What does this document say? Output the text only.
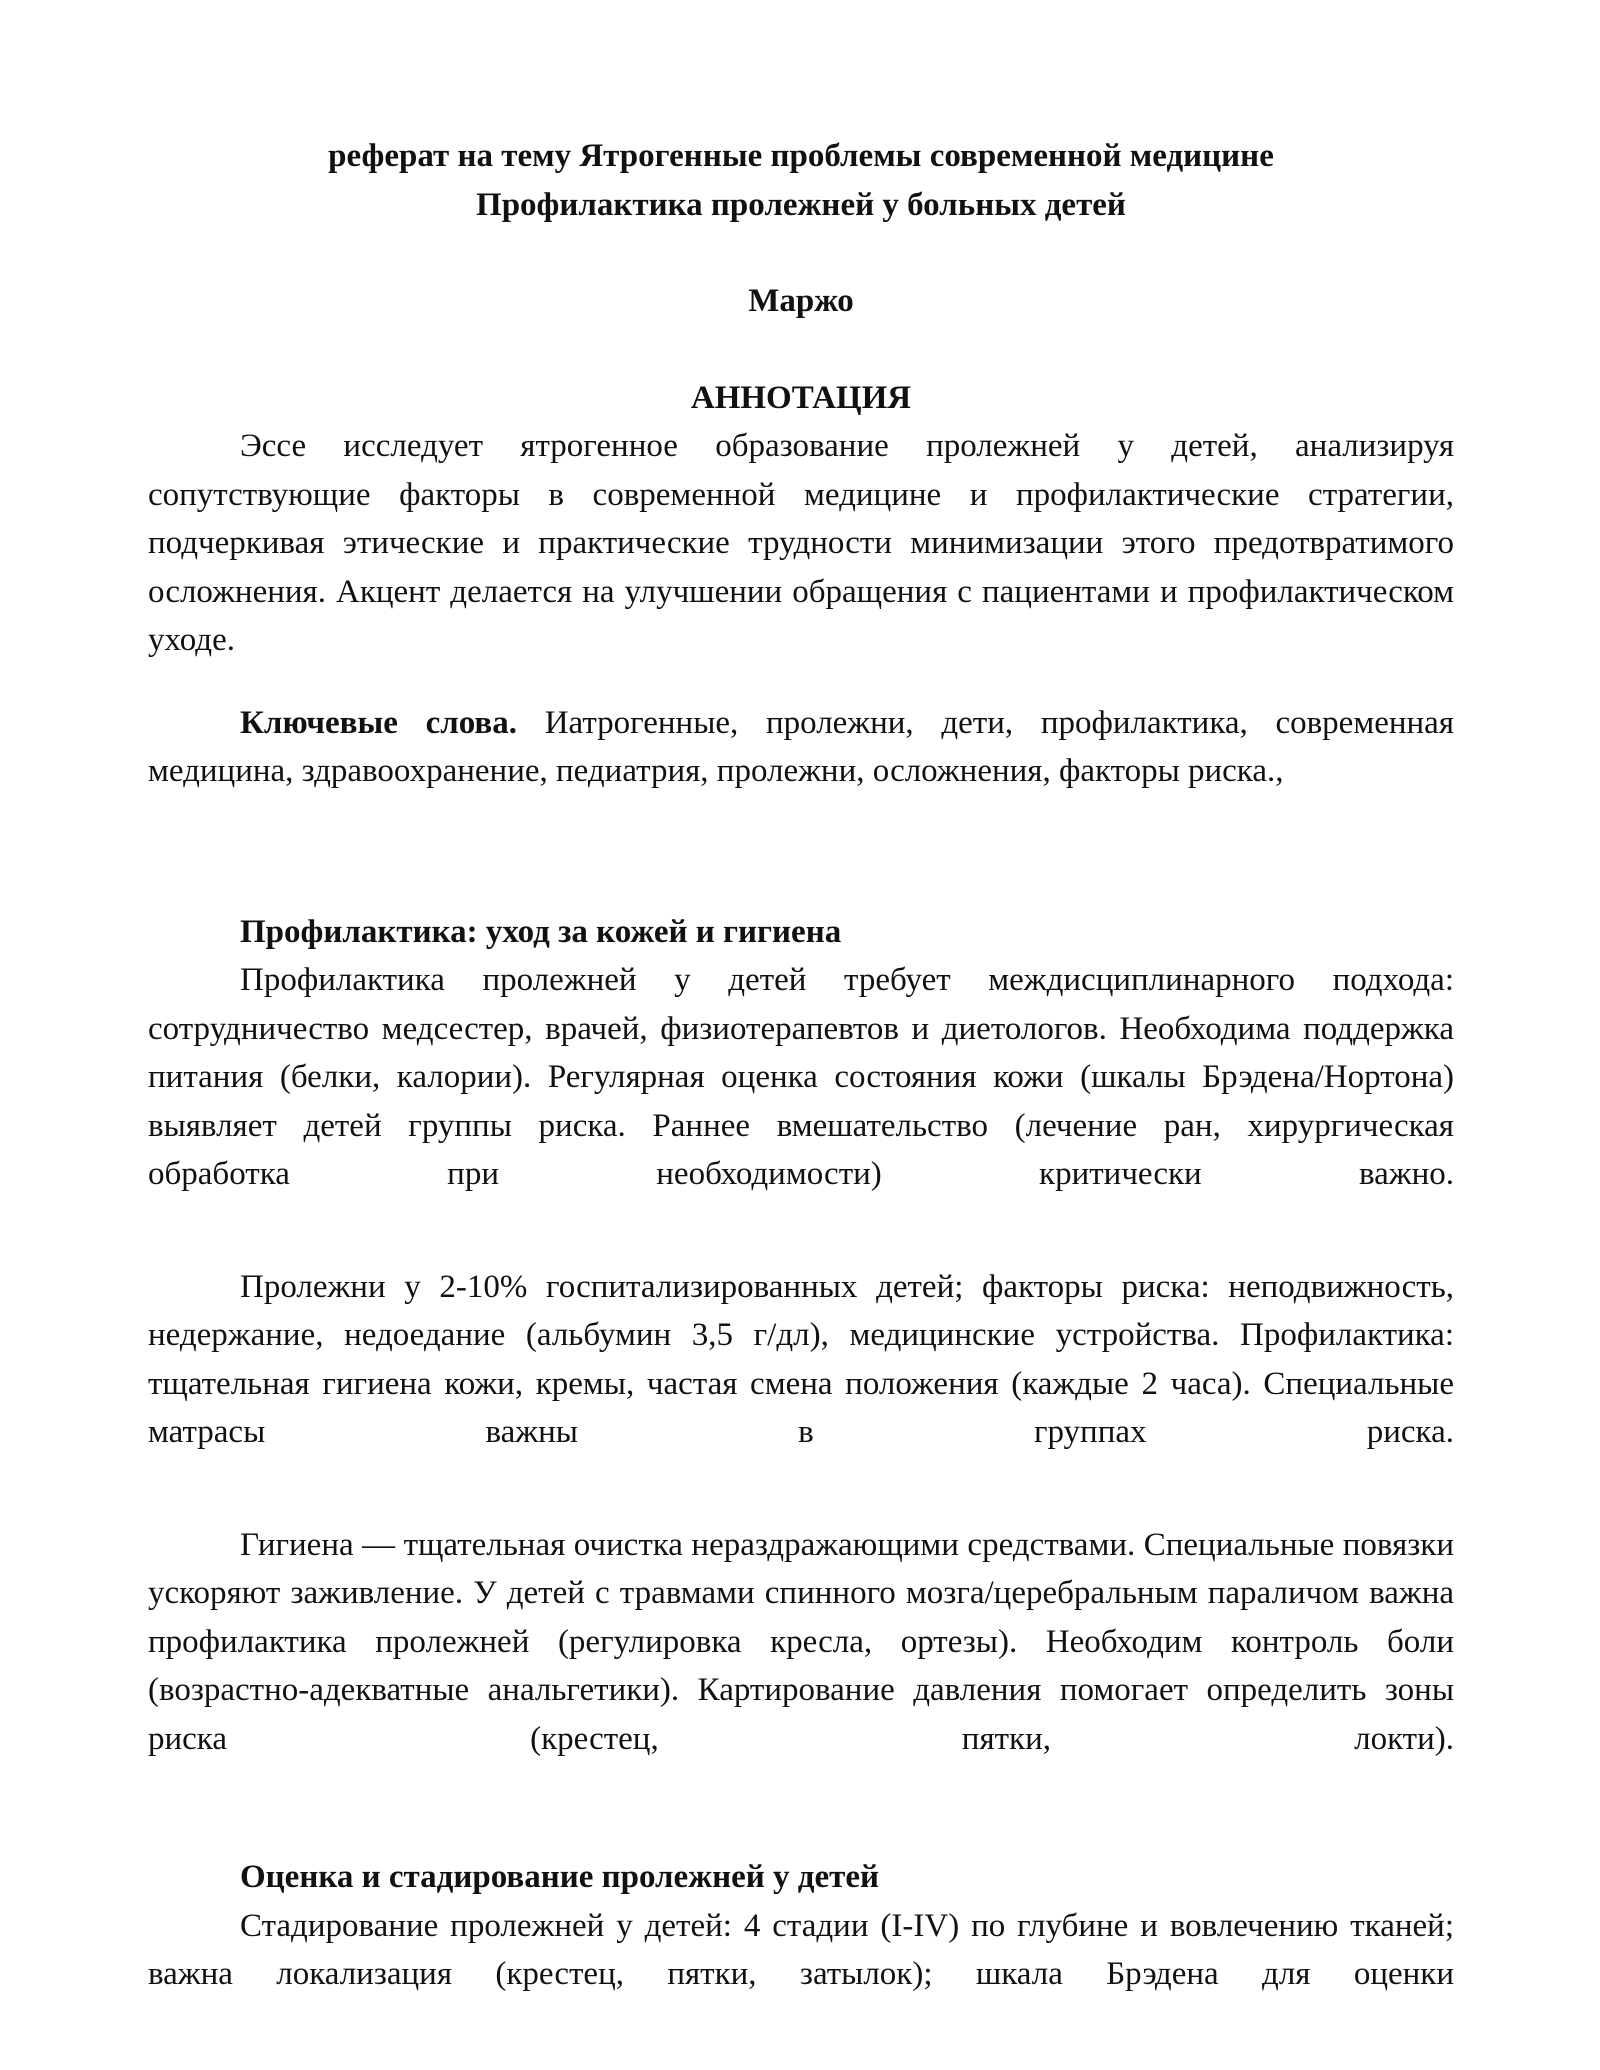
реферат на тему Ятрогенные проблемы современной медицине
Профилактика пролежней у больных детей
Маржо
АННОТАЦИЯ

Эссе исследует ятрогенное образование пролежней у детей, анализируя сопутствующие факторы в современной медицине и профилактические стратегии, подчеркивая этические и практические трудности минимизации этого предотвратимого осложнения. Акцент делается на улучшении обращения с пациентами и профилактическом уходе.

Ключевые слова. Иатрогенные, пролежни, дети, профилактика, современная медицина, здравоохранение, педиатрия, пролежни, осложнения, факторы риска.,

Профилактика: уход за кожей и гигиена

Профилактика пролежней у детей требует междисциплинарного подхода: сотрудничество медсестер, врачей, физиотерапевтов и диетологов. Необходима поддержка питания (белки, калории). Регулярная оценка состояния кожи (шкалы Брэдена/Нортона) выявляет детей группы риска. Раннее вмешательство (лечение ран, хирургическая обработка при необходимости) критически важно.

Пролежни у 2-10% госпитализированных детей; факторы риска: неподвижность, недержание, недоедание (альбумин 3,5 г/дл), медицинские устройства. Профилактика: тщательная гигиена кожи, кремы, частая смена положения (каждые 2 часа). Специальные матрасы важны в группах риска.

Гигиена — тщательная очистка нераздражающими средствами. Специальные повязки ускоряют заживление. У детей с травмами спинного мозга/церебральным параличом важна профилактика пролежней (регулировка кресла, ортезы). Необходим контроль боли (возрастно-адекватные анальгетики). Картирование давления помогает определить зоны риска (крестец, пятки, локти).

Оценка и стадирование пролежней у детей

Стадирование пролежней у детей: 4 стадии (I-IV) по глубине и вовлечению тканей; важна локализация (крестец, пятки, затылок); шкала Брэдена для оценки
